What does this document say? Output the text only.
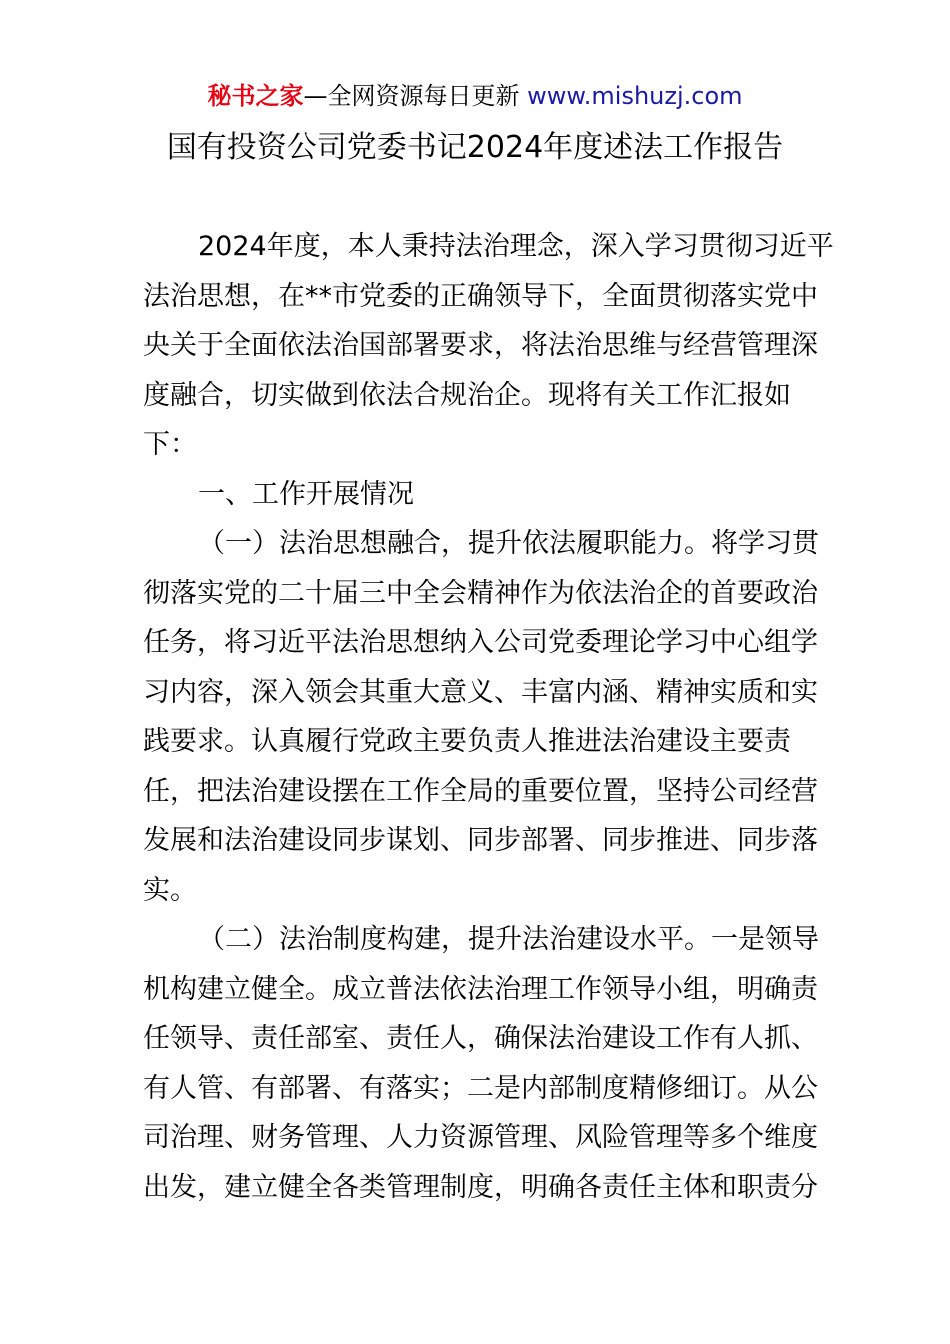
秘书之家—全网资源每日更新 www.mishuzj.com
国有投资公司党委书记2024年度述法工作报告
2024年度，本人秉持法治理念，深入学习贯彻习近平
法治思想，在**市党委的正确领导下，全面贯彻落实党中
央关于全面依法治国部署要求，将法治思维与经营管理深
度融合，切实做到依法合规治企。现将有关工作汇报如
下：
一、工作开展情况
（一）法治思想融合，提升依法履职能力。将学习贯
彻落实党的二十届三中全会精神作为依法治企的首要政治
任务，将习近平法治思想纳入公司党委理论学习中心组学
习内容，深入领会其重大意义、丰富内涵、精神实质和实
践要求。认真履行党政主要负责人推进法治建设主要责
任，把法治建设摆在工作全局的重要位置，坚持公司经营
发展和法治建设同步谋划、同步部署、同步推进、同步落
实。
（二）法治制度构建，提升法治建设水平。一是领导
机构建立健全。成立普法依法治理工作领导小组，明确责
任领导、责任部室、责任人，确保法治建设工作有人抓、
有人管、有部署、有落实；二是内部制度精修细订。从公
司治理、财务管理、人力资源管理、风险管理等多个维度
出发，建立健全各类管理制度，明确各责任主体和职责分
